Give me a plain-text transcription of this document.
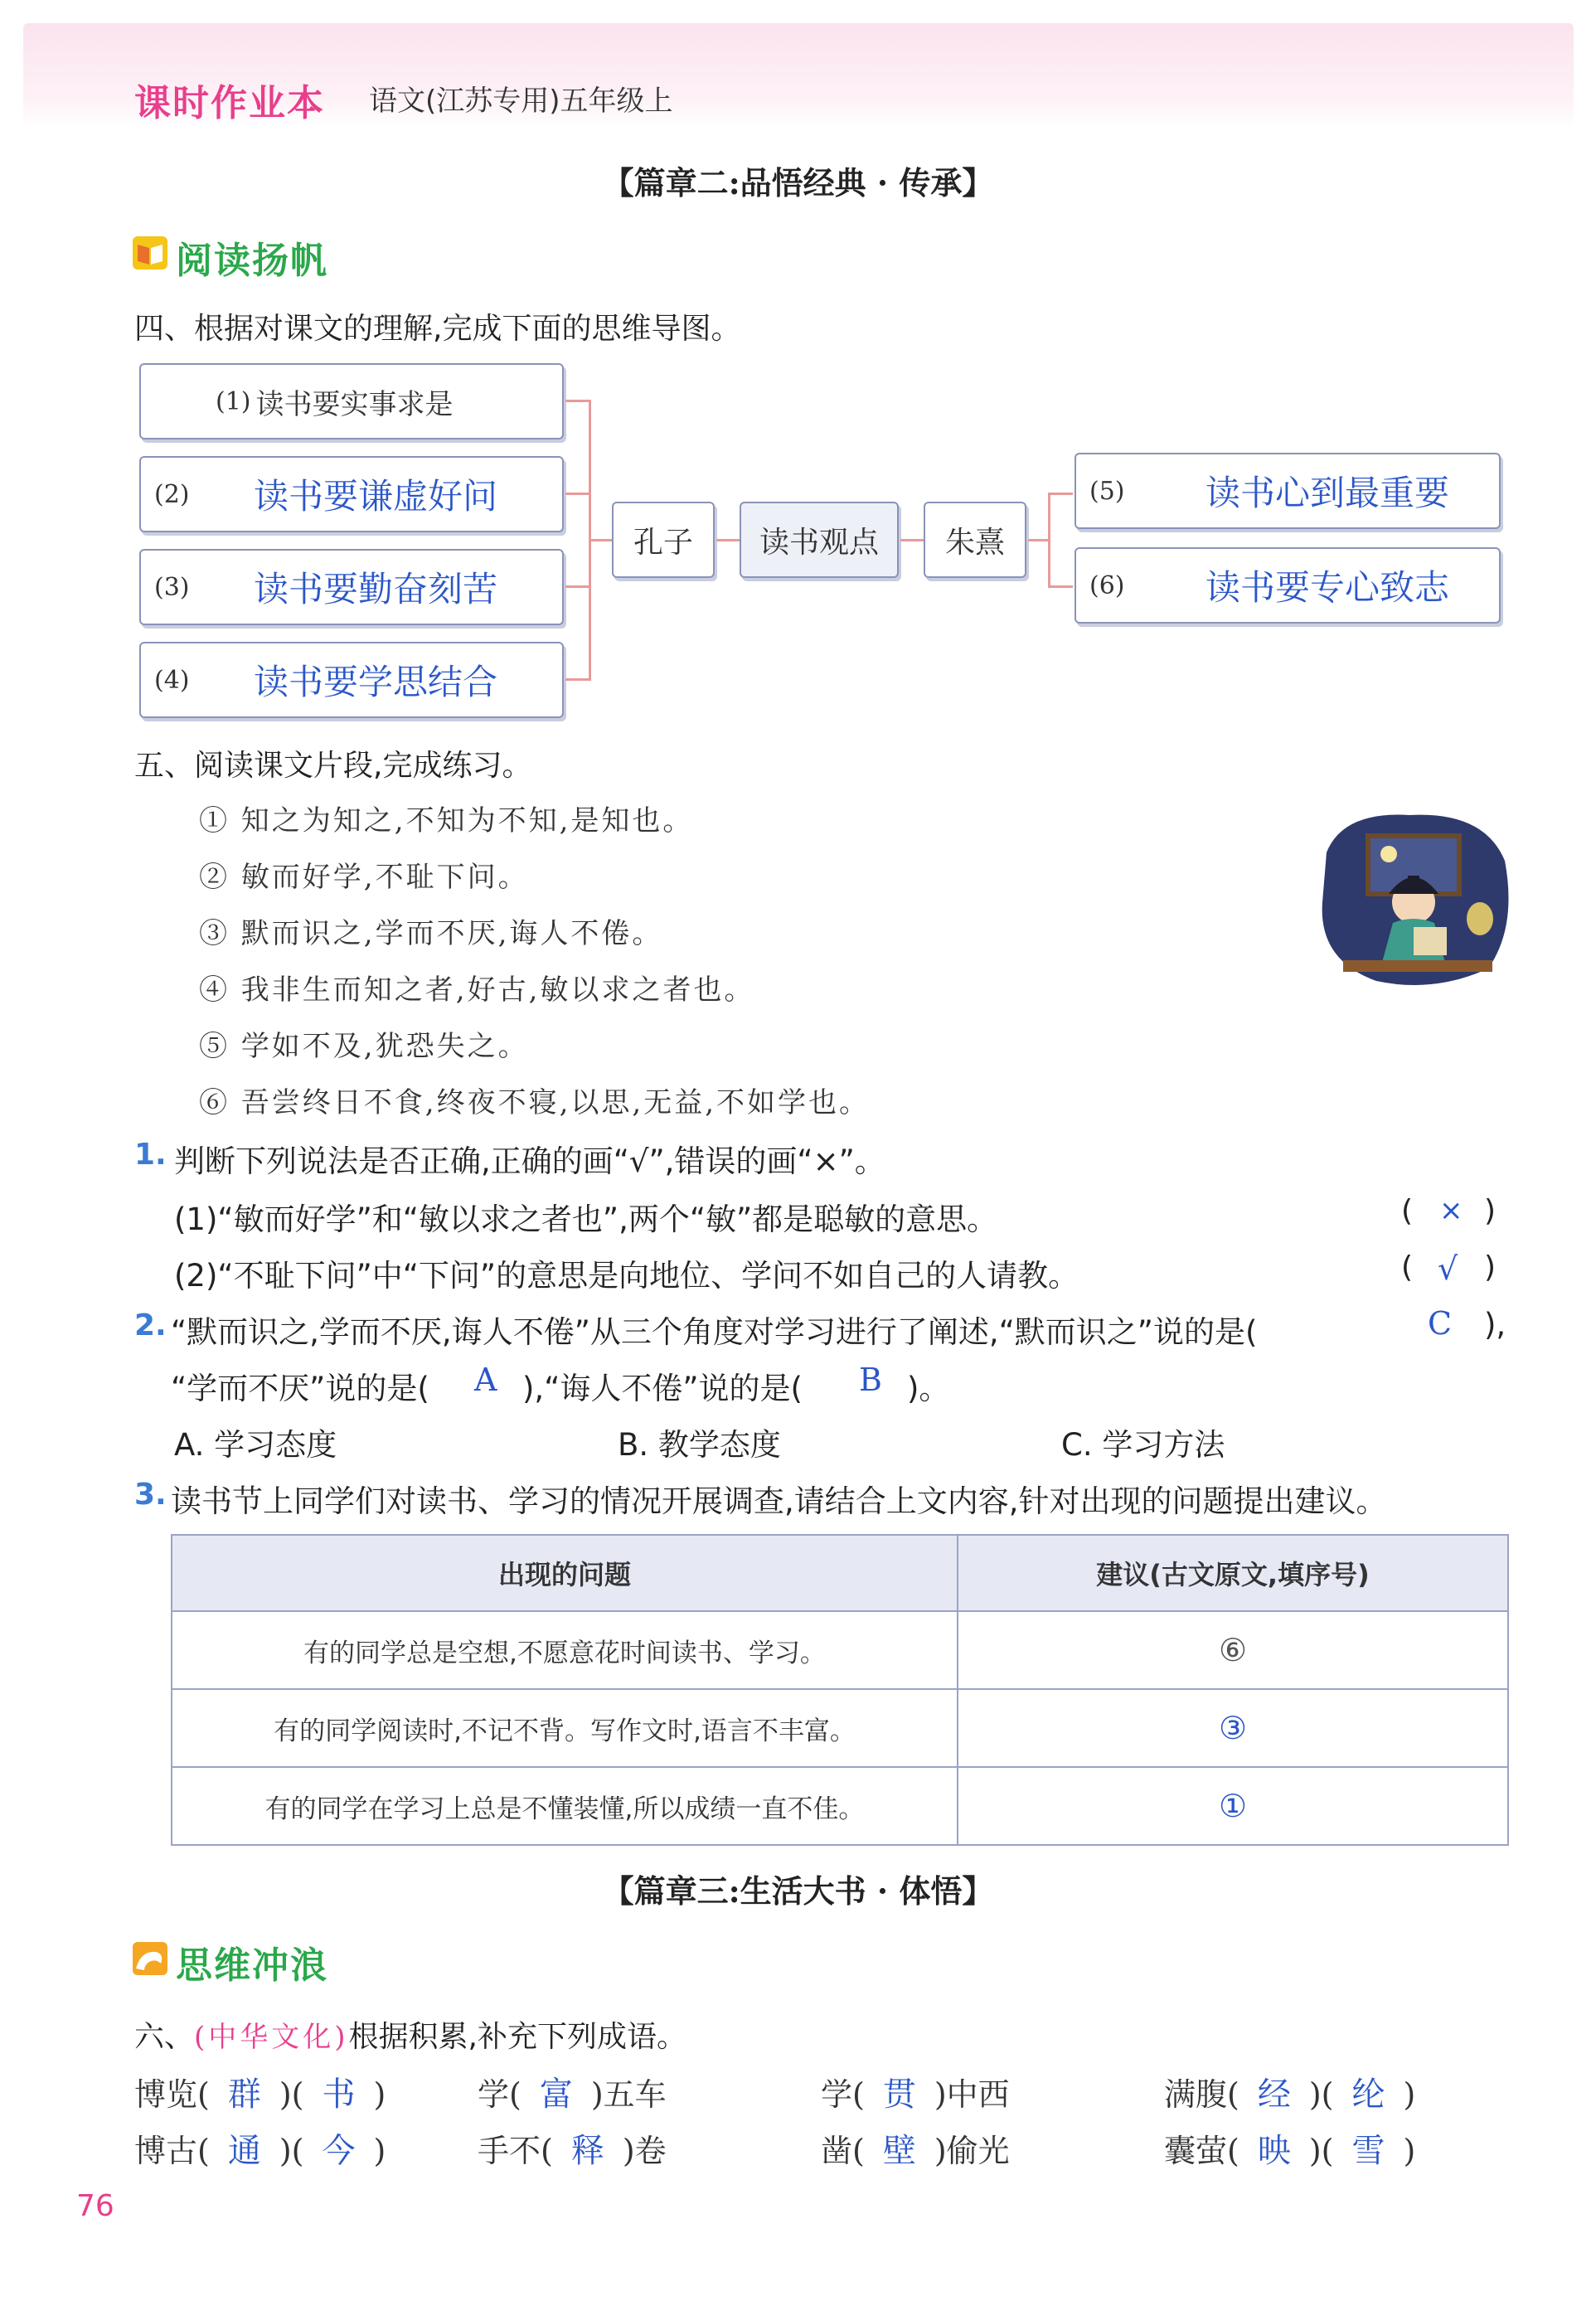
课时作业本 语文(江苏专用)五年级上
【篇章二:品悟经典 · 传承】
阅读扬帆
四、根据对课文的理解,完成下面的思维导图。
(1) 读书要实事求是
(2)	读书要谦虚好问
(3)	读书要勤奋刻苦
(4)	读书要学思结合
孔子	读书观点	朱熹
(5)	读书心到最重要
(6)	读书要专心致志
五、阅读课文片段,完成练习。
① 知之为知之,不知为不知,是知也。
② 敏而好学,不耻下问。
③ 默而识之,学而不厌,诲人不倦。
④ 我非生而知之者,好古,敏以求之者也。
⑤ 学如不及,犹恐失之。
⑥ 吾尝终日不食,终夜不寝,以思,无益,不如学也。
1. 判断下列说法是否正确,正确的画“√”,错误的画“×”。
(1)“敏而好学”和“敏以求之者也”,两个“敏”都是聪敏的意思。	( × )
(2)“不耻下问”中“下问”的意思是向地位、学问不如自己的人请教。	( √ )
2. “默而识之,学而不厌,诲人不倦”从三个角度对学习进行了阐述,“默而识之”说的是(	C ),
“学而不厌”说的是( A ),“诲人不倦”说的是( B )。
A. 学习态度	B. 教学态度	C. 学习方法
3. 读书节上同学们对读书、学习的情况开展调查,请结合上文内容,针对出现的问题提出建议。
出现的问题	建议(古文原文,填序号)
有的同学总是空想,不愿意花时间读书、学习。	⑥
有的同学阅读时,不记不背。写作文时,语言不丰富。	③
有的同学在学习上总是不懂装懂,所以成绩一直不佳。	①
【篇章三:生活大书 · 体悟】
思维冲浪
六、(中华文化)根据积累,补充下列成语。
博览( 群 )( 书 )	学( 富 )五车	学( 贯 )中西	满腹( 经 )( 纶 )
博古( 通 )( 今 )	手不( 释 )卷	凿( 壁 )偷光	囊萤( 映 )( 雪 )
76
